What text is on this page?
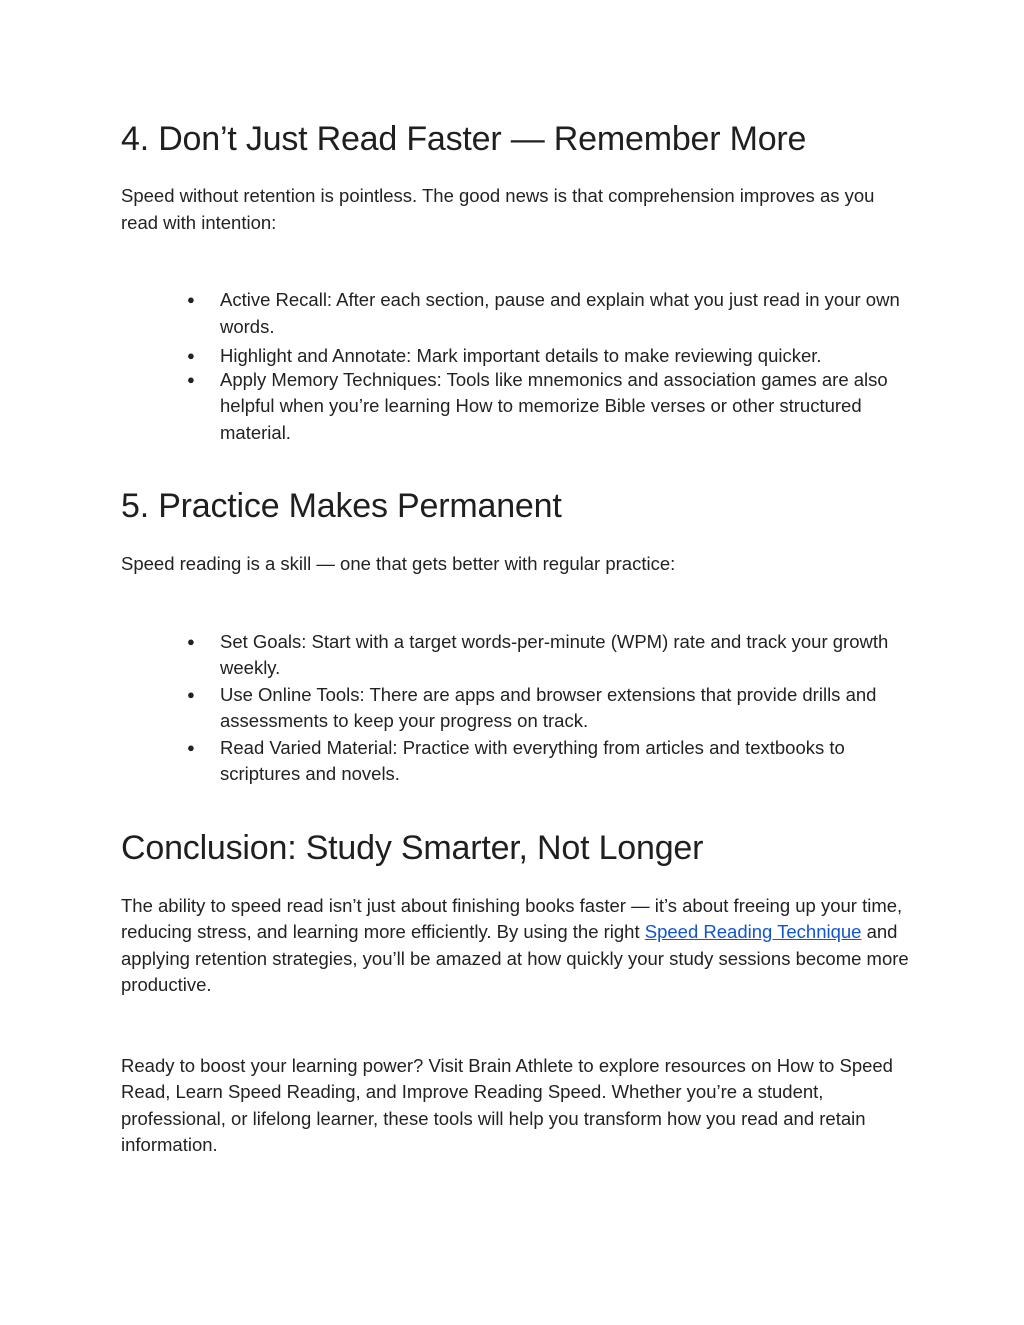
4. Don’t Just Read Faster — Remember More

Speed without retention is pointless. The good news is that comprehension improves as you read with intention:

● Active Recall: After each section, pause and explain what you just read in your own words.
● Highlight and Annotate: Mark important details to make reviewing quicker.
● Apply Memory Techniques: Tools like mnemonics and association games are also helpful when you’re learning How to memorize Bible verses or other structured material.
5. Practice Makes Permanent

Speed reading is a skill — one that gets better with regular practice:

● Set Goals: Start with a target words-per-minute (WPM) rate and track your growth weekly.
● Use Online Tools: There are apps and browser extensions that provide drills and assessments to keep your progress on track.
● Read Varied Material: Practice with everything from articles and textbooks to scriptures and novels.
Conclusion: Study Smarter, Not Longer

The ability to speed read isn’t just about finishing books faster — it’s about freeing up your time, reducing stress, and learning more efficiently. By using the right Speed Reading Technique and applying retention strategies, you’ll be amazed at how quickly your study sessions become more productive.

Ready to boost your learning power? Visit Brain Athlete to explore resources on How to Speed Read, Learn Speed Reading, and Improve Reading Speed. Whether you’re a student, professional, or lifelong learner, these tools will help you transform how you read and retain information.
